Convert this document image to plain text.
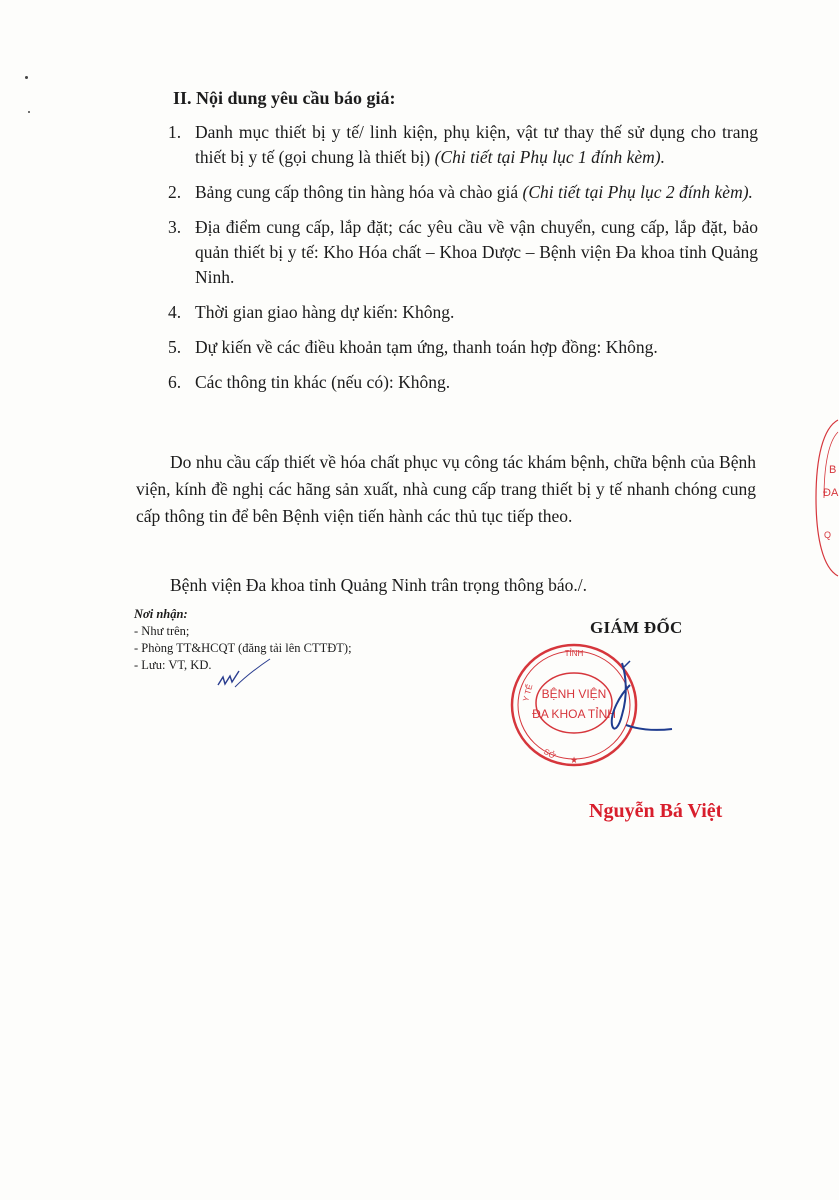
II. Nội dung yêu cầu báo giá:
1. Danh mục thiết bị y tế/ linh kiện, phụ kiện, vật tư thay thế sử dụng cho trang thiết bị y tế (gọi chung là thiết bị) (Chi tiết tại Phụ lục 1 đính kèm).
2. Bảng cung cấp thông tin hàng hóa và chào giá (Chi tiết tại Phụ lục 2 đính kèm).
3. Địa điểm cung cấp, lắp đặt; các yêu cầu về vận chuyển, cung cấp, lắp đặt, bảo quản thiết bị y tế: Kho Hóa chất – Khoa Dược – Bệnh viện Đa khoa tỉnh Quảng Ninh.
4. Thời gian giao hàng dự kiến: Không.
5. Dự kiến về các điều khoản tạm ứng, thanh toán hợp đồng: Không.
6. Các thông tin khác (nếu có): Không.

Do nhu cầu cấp thiết về hóa chất phục vụ công tác khám bệnh, chữa bệnh của Bệnh viện, kính đề nghị các hãng sản xuất, nhà cung cấp trang thiết bị y tế nhanh chóng cung cấp thông tin để bên Bệnh viện tiến hành các thủ tục tiếp theo.

Bệnh viện Đa khoa tỉnh Quảng Ninh trân trọng thông báo./.

Nơi nhận:
- Như trên;
- Phòng TT&HCQT (đăng tải lên CTTĐT);
- Lưu: VT, KD.
GIÁM ĐỐC
BỆNH VIỆN
ĐA KHOA TỈNH
TỈNH
Y TẾ
SỞ ★
Nguyễn Bá Việt
B
ĐA
Q
